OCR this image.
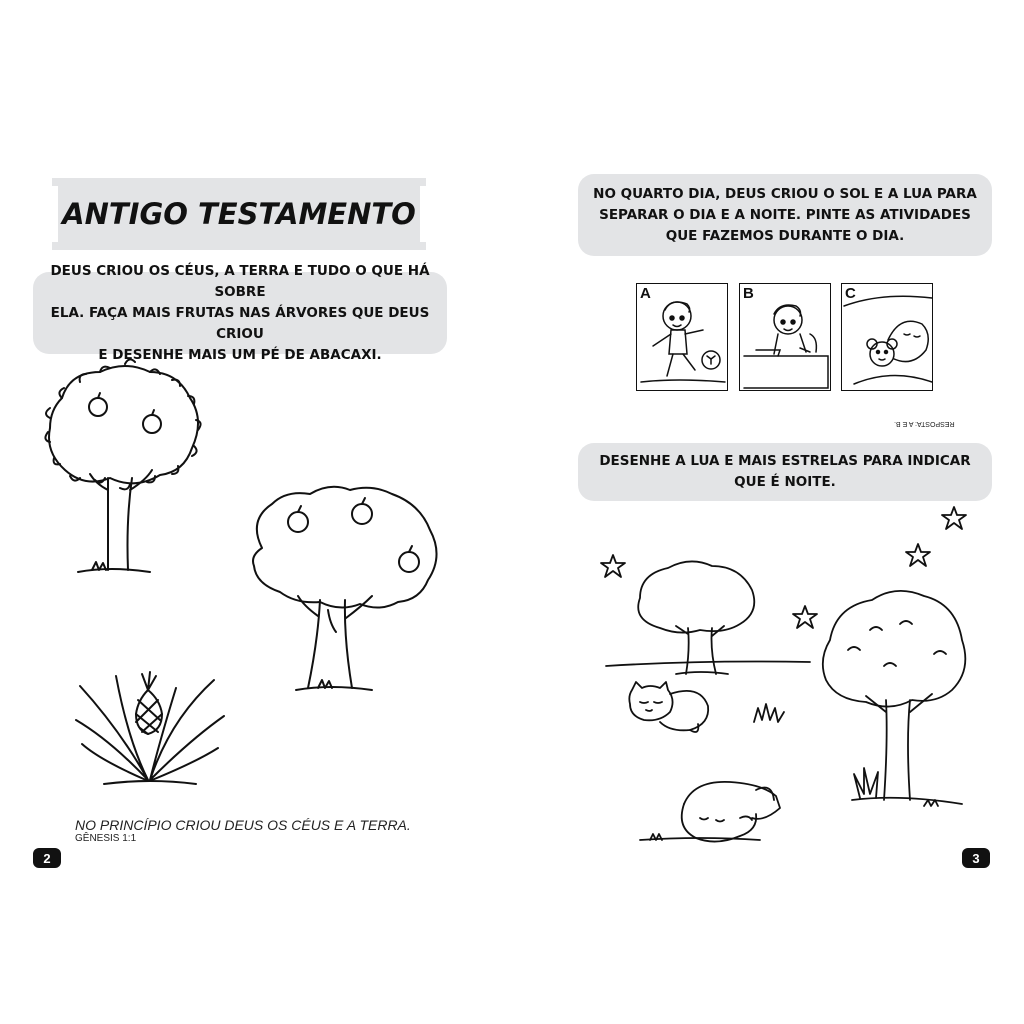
ANTIGO TESTAMENTO
DEUS CRIOU OS CÉUS, A TERRA E TUDO O QUE HÁ SOBRE
ELA. FAÇA MAIS FRUTAS NAS ÁRVORES QUE DEUS CRIOU
E DESENHE MAIS UM PÉ DE ABACAXI.
NO PRINCÍPIO CRIOU DEUS OS CÉUS E A TERRA.
GÊNESIS 1:1
2
NO QUARTO DIA, DEUS CRIOU O SOL E A LUA PARA
SEPARAR O DIA E A NOITE. PINTE AS ATIVIDADES
QUE FAZEMOS DURANTE O DIA.
A	B	C
RESPOSTA: A E B.
DESENHE A LUA E MAIS ESTRELAS PARA INDICAR
QUE É NOITE.
3
